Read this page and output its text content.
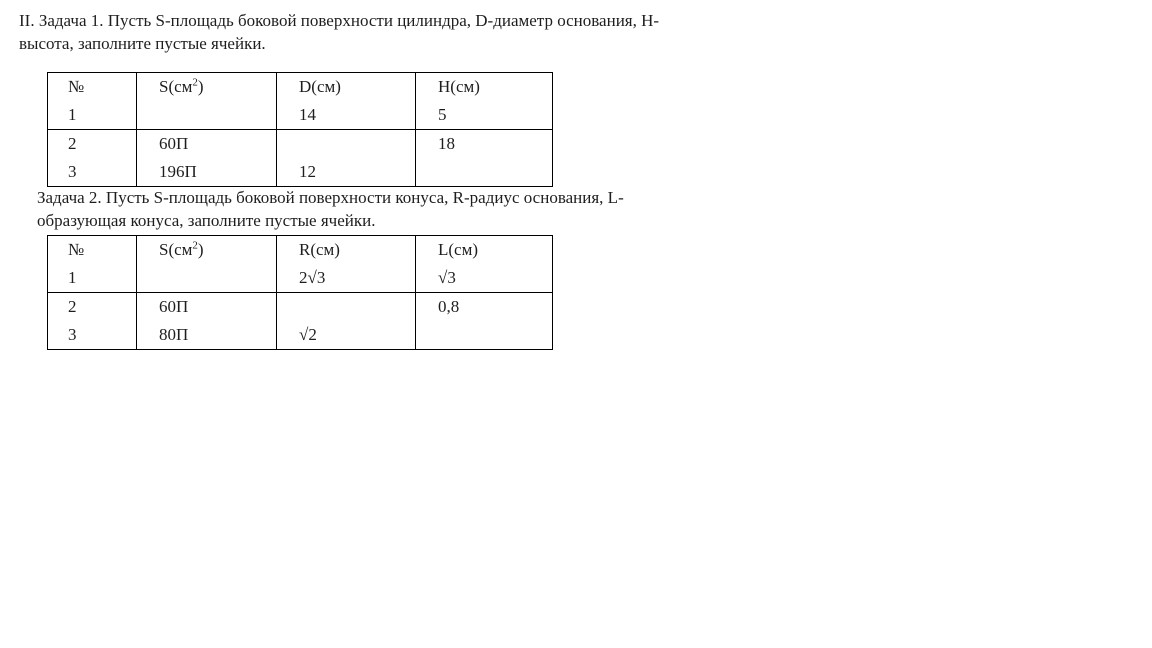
II. Задача 1. Пусть S-площадь боковой поверхности цилиндра, D-диаметр основания, H-
высота, заполните пустые ячейки.
№	$S(см^2)$	D(см)	H(см)
1		14	5
2	60П		18
3	196П	12	
Задача 2. Пусть S-площадь боковой поверхности конуса, R-радиус основания, L-
образующая конуса, заполните пустые ячейки.
№	$S(см^2)$	R(см)	L(см)
1		2√3	√3
2	60П		0,8
3	80П	√2	
